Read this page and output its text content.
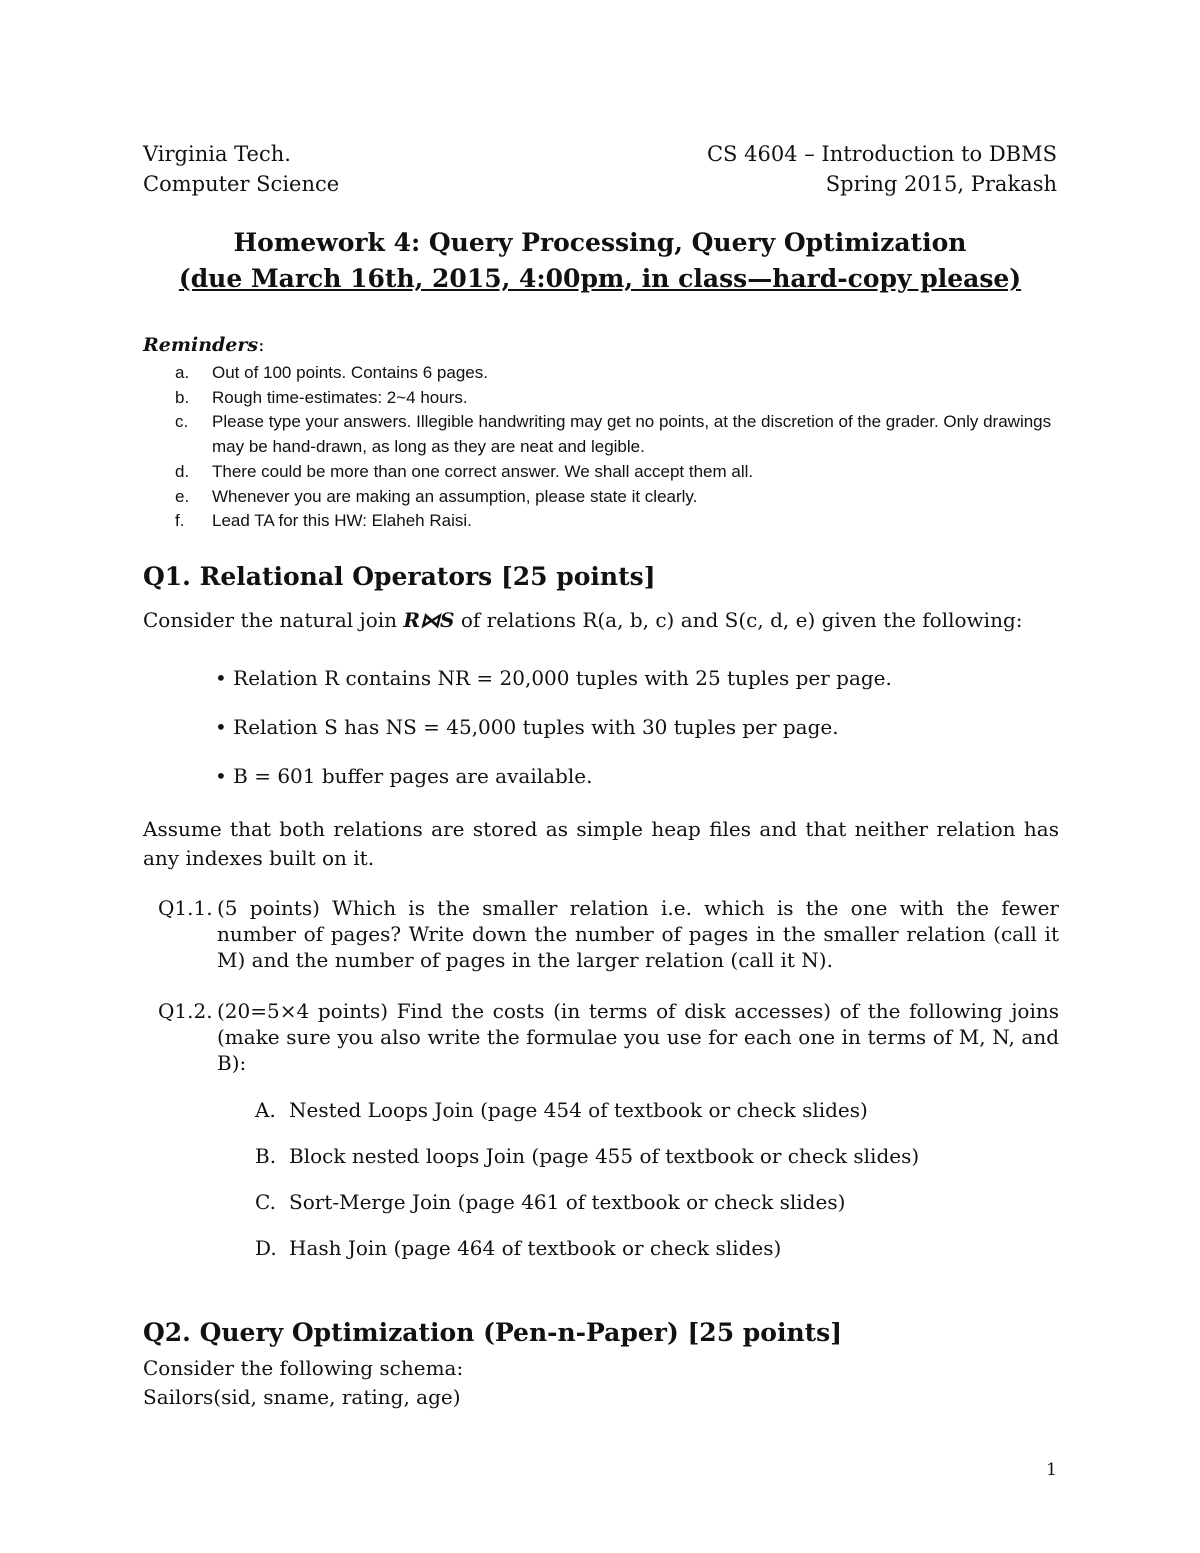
Virginia Tech.
Computer Science
CS 4604 – Introduction to DBMS
Spring 2015, Prakash
Homework 4: Query Processing, Query Optimization
(due March 16th, 2015, 4:00pm, in class—hard-copy please)
Reminders:
a.	Out of 100 points. Contains 6 pages.
b.	Rough time-estimates: 2~4 hours.
c.	Please type your answers. Illegible handwriting may get no points, at the discretion of the grader. Only drawings may be hand-drawn, as long as they are neat and legible.
d.	There could be more than one correct answer. We shall accept them all.
e.	Whenever you are making an assumption, please state it clearly.
f.	Lead TA for this HW: Elaheh Raisi.
Q1. Relational Operators [25 points]
Consider the natural join R⋈S of relations R(a, b, c) and S(c, d, e) given the following:
• Relation R contains NR = 20,000 tuples with 25 tuples per page.
• Relation S has NS = 45,000 tuples with 30 tuples per page.
• B = 601 buffer pages are available.
Assume that both relations are stored as simple heap files and that neither relation has any indexes built on it.
Q1.1. (5 points) Which is the smaller relation i.e. which is the one with the fewer number of pages? Write down the number of pages in the smaller relation (call it M) and the number of pages in the larger relation (call it N).
Q1.2. (20=5×4 points) Find the costs (in terms of disk accesses) of the following joins (make sure you also write the formulae you use for each one in terms of M, N, and B):
A. Nested Loops Join (page 454 of textbook or check slides)
B. Block nested loops Join (page 455 of textbook or check slides)
C. Sort-Merge Join (page 461 of textbook or check slides)
D. Hash Join (page 464 of textbook or check slides)
Q2. Query Optimization (Pen-n-Paper) [25 points]
Consider the following schema:
Sailors(sid, sname, rating, age)
1
